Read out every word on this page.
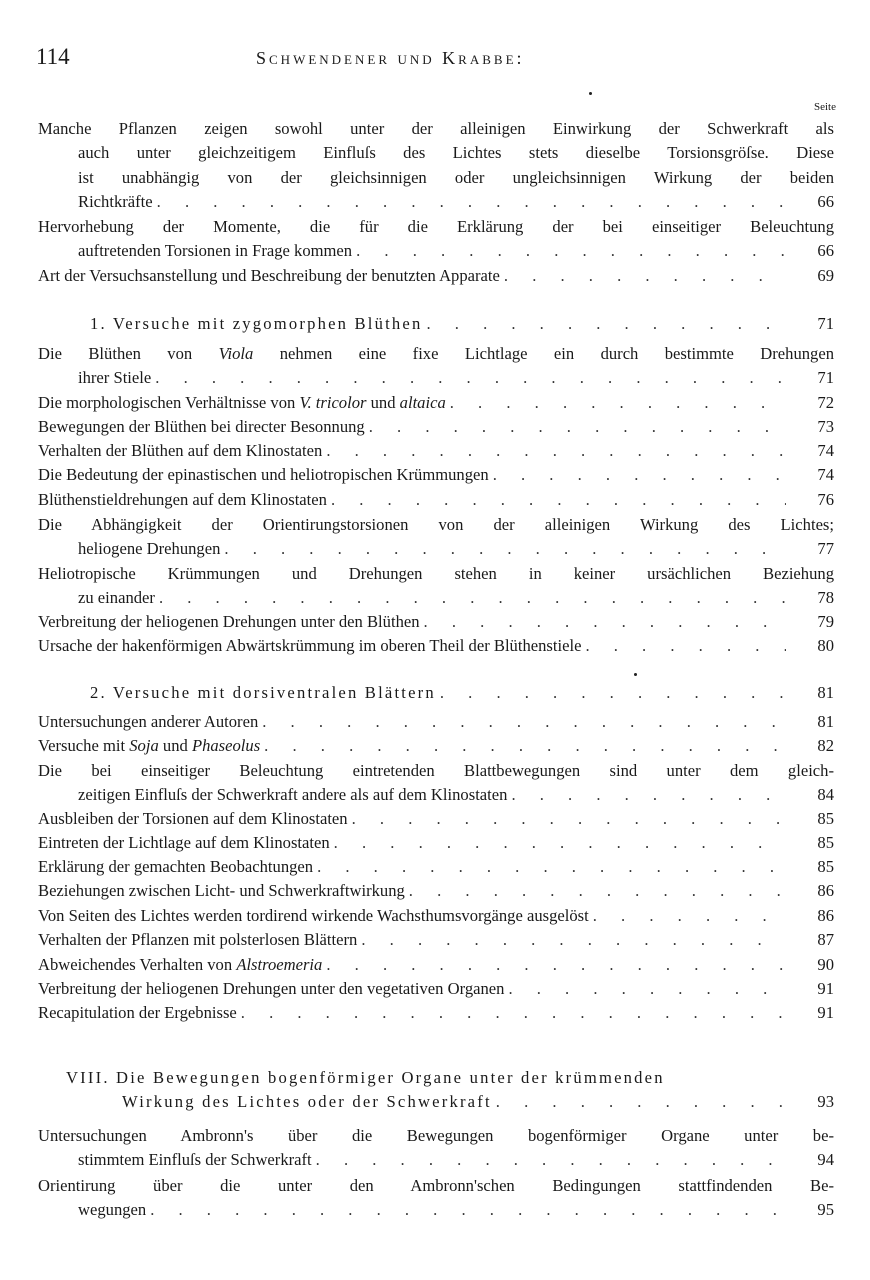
114	Schwendener und Krabbe:
Seite
Manche Pflanzen zeigen sowohl unter der alleinigen Einwirkung der Schwerkraft als
auch unter gleichzeitigem Einfluſs des Lichtes stets dieselbe Torsionsgröſse. Diese
ist unabhängig von der gleichsinnigen oder ungleichsinnigen Wirkung der beiden
Richtkräfte . . .	66
Hervorhebung der Momente, die für die Erklärung der bei einseitiger Beleuchtung
auftretenden Torsionen in Frage kommen . . .	66
Art der Versuchsanstellung und Beschreibung der benutzten Apparate . . .	69
1. Versuche mit zygomorphen Blüthen . . .	71
Die Blüthen von Viola nehmen eine fixe Lichtlage ein durch bestimmte Drehungen
ihrer Stiele . . .	71
Die morphologischen Verhältnisse von V. tricolor und altaica . . .	72
Bewegungen der Blüthen bei directer Besonnung . . .	73
Verhalten der Blüthen auf dem Klinostaten . . .	74
Die Bedeutung der epinastischen und heliotropischen Krümmungen . . .	74
Blüthenstieldrehungen auf dem Klinostaten . . .	76
Die Abhängigkeit der Orientirungstorsionen von der alleinigen Wirkung des Lichtes;
heliogene Drehungen . . .	77
Heliotropische Krümmungen und Drehungen stehen in keiner ursächlichen Beziehung
zu einander . . .	78
Verbreitung der heliogenen Drehungen unter den Blüthen . . .	79
Ursache der hakenförmigen Abwärtskrümmung im oberen Theil der Blüthenstiele . . .	80
2. Versuche mit dorsiventralen Blättern . . .	81
Untersuchungen anderer Autoren . . .	81
Versuche mit Soja und Phaseolus . . .	82
Die bei einseitiger Beleuchtung eintretenden Blattbewegungen sind unter dem gleich-
zeitigen Einfluſs der Schwerkraft andere als auf dem Klinostaten . . .	84
Ausbleiben der Torsionen auf dem Klinostaten . . .	85
Eintreten der Lichtlage auf dem Klinostaten . . .	85
Erklärung der gemachten Beobachtungen . . .	85
Beziehungen zwischen Licht- und Schwerkraftwirkung . . .	86
Von Seiten des Lichtes werden tordirend wirkende Wachsthumsvorgänge ausgelöst . . .	86
Verhalten der Pflanzen mit polsterlosen Blättern . . .	87
Abweichendes Verhalten von Alstroemeria . . .	90
Verbreitung der heliogenen Drehungen unter den vegetativen Organen . . .	91
Recapitulation der Ergebnisse . . .	91
VIII. Die Bewegungen bogenförmiger Organe unter der krümmenden
Wirkung des Lichtes oder der Schwerkraft . . .	93
Untersuchungen Ambronn's über die Bewegungen bogenförmiger Organe unter be-
stimmtem Einfluſs der Schwerkraft . . .	94
Orientirung über die unter den Ambronn'schen Bedingungen stattfindenden Be-
wegungen . . .	95
